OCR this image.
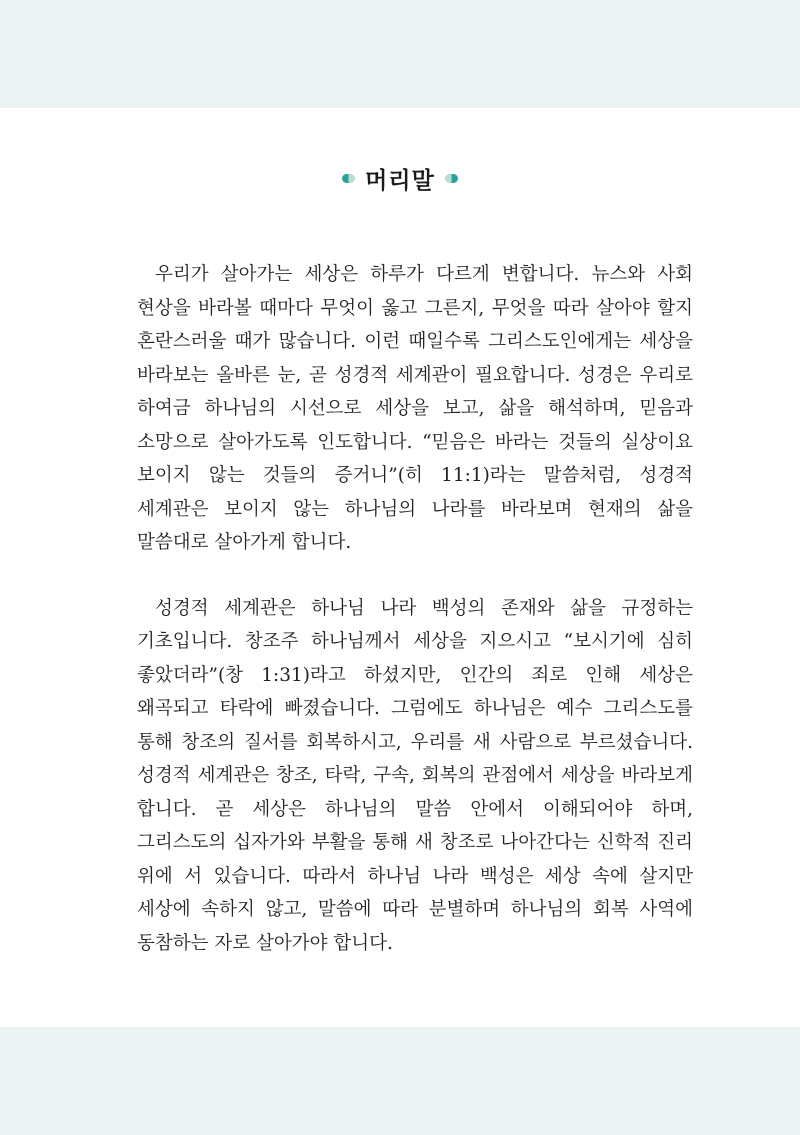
머리말

우리가 살아가는 세상은 하루가 다르게 변합니다. 뉴스와 사회 현상을 바라볼 때마다 무엇이 옳고 그른지, 무엇을 따라 살아야 할지 혼란스러울 때가 많습니다. 이런 때일수록 그리스도인에게는 세상을 바라보는 올바른 눈, 곧 성경적 세계관이 필요합니다. 성경은 우리로 하여금 하나님의 시선으로 세상을 보고, 삶을 해석하며, 믿음과 소망으로 살아가도록 인도합니다. “믿음은 바라는 것들의 실상이요 보이지 않는 것들의 증거니”(히 11:1)라는 말씀처럼, 성경적 세계관은 보이지 않는 하나님의 나라를 바라보며 현재의 삶을 말씀대로 살아가게 합니다.

성경적 세계관은 하나님 나라 백성의 존재와 삶을 규정하는 기초입니다. 창조주 하나님께서 세상을 지으시고 “보시기에 심히 좋았더라”(창 1:31)라고 하셨지만, 인간의 죄로 인해 세상은 왜곡되고 타락에 빠졌습니다. 그럼에도 하나님은 예수 그리스도를 통해 창조의 질서를 회복하시고, 우리를 새 사람으로 부르셨습니다. 성경적 세계관은 창조, 타락, 구속, 회복의 관점에서 세상을 바라보게 합니다. 곧 세상은 하나님의 말씀 안에서 이해되어야 하며, 그리스도의 십자가와 부활을 통해 새 창조로 나아간다는 신학적 진리 위에 서 있습니다. 따라서 하나님 나라 백성은 세상 속에 살지만 세상에 속하지 않고, 말씀에 따라 분별하며 하나님의 회복 사역에 동참하는 자로 살아가야 합니다.
